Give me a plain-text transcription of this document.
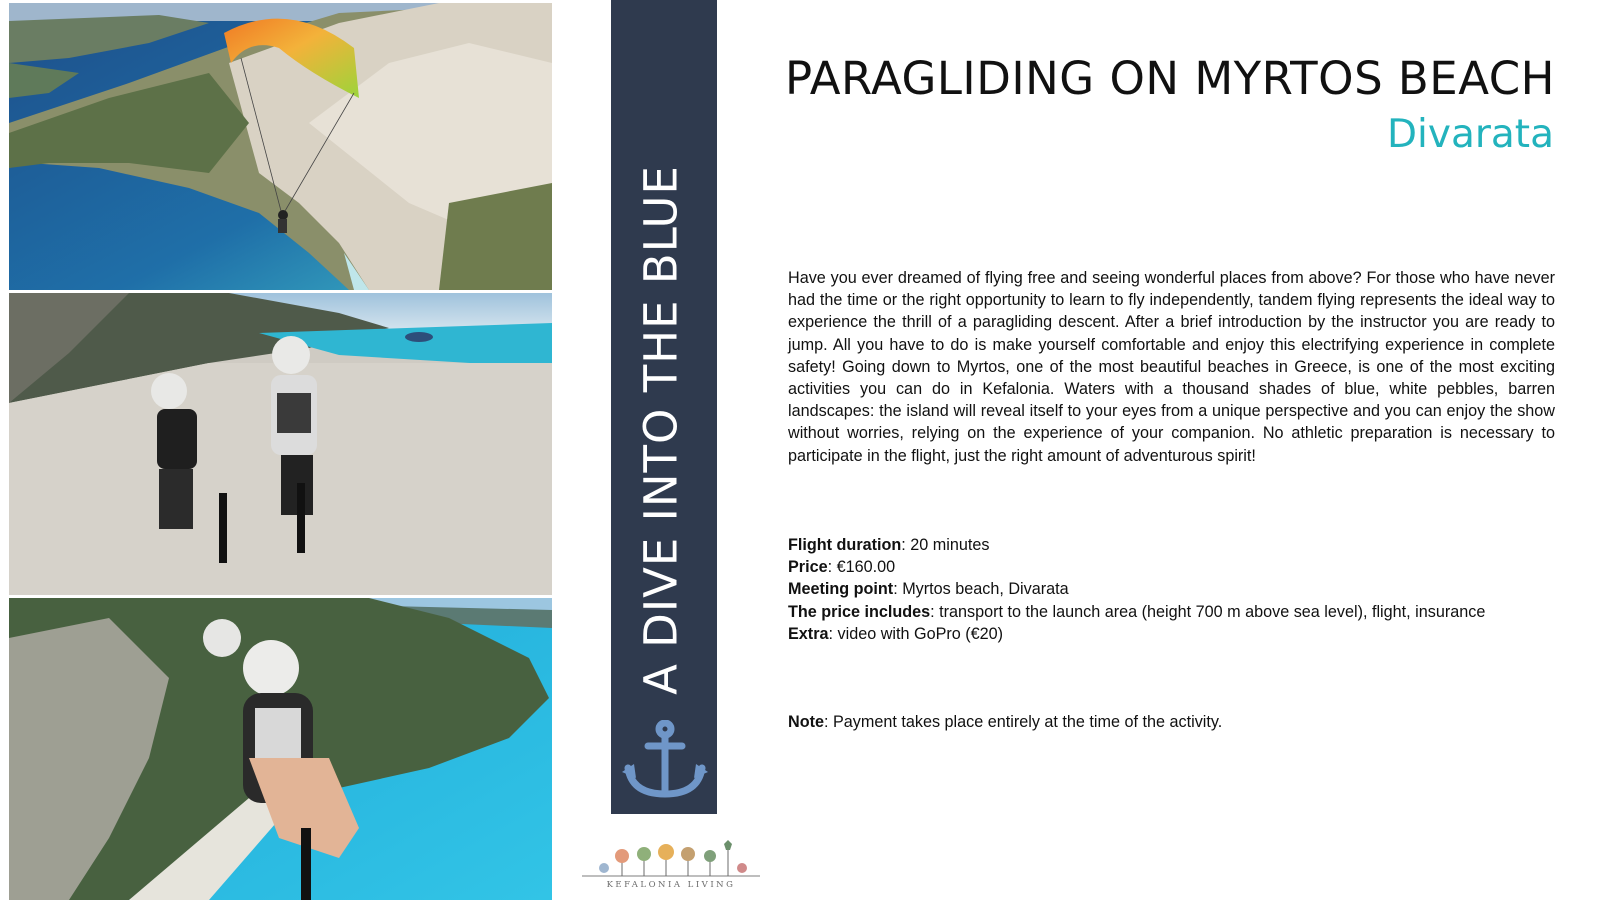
A DIVE INTO THE BLUE
KEFALONIA LIVING
PARAGLIDING ON MYRTOS BEACH
Divarata

Have you ever dreamed of flying free and seeing wonderful places from above? For those who have never had the time or the right opportunity to learn to fly independently, tandem flying represents the ideal way to experience the thrill of a paragliding descent. After a brief introduction by the instructor you are ready to jump. All you have to do is make yourself comfortable and enjoy this electrifying experience in complete safety! Going down to Myrtos, one of the most beautiful beaches in Greece, is one of the most exciting activities you can do in Kefalonia. Waters with a thousand shades of blue, white pebbles, barren landscapes: the island will reveal itself to your eyes from a unique perspective and you can enjoy the show without worries, relying on the experience of your companion. No athletic preparation is necessary to participate in the flight, just the right amount of adventurous spirit!

Flight duration: 20 minutes
Price: €160.00
Meeting point: Myrtos beach, Divarata
The price includes: transport to the launch area (height 700 m above sea level), flight, insurance
Extra: video with GoPro (€20)
Note: Payment takes place entirely at the time of the activity.
